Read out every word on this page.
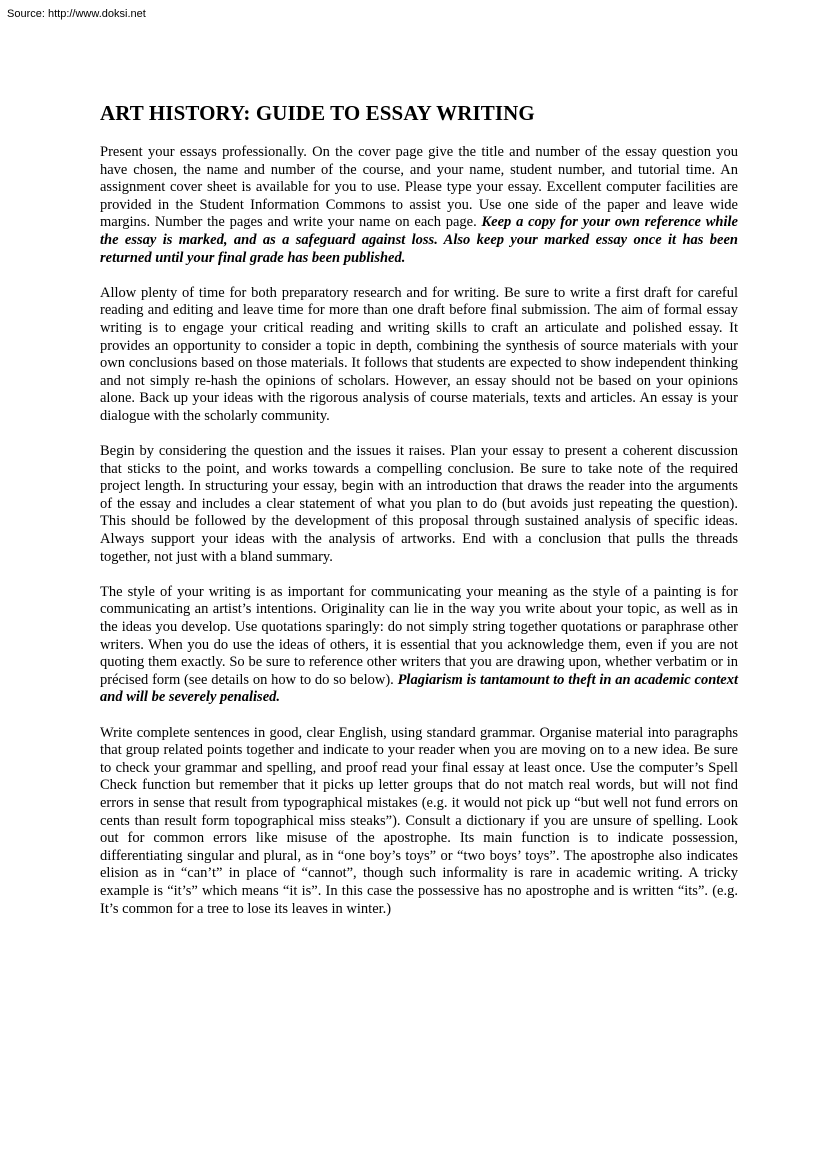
Source: http://www.doksi.net

ART HISTORY: GUIDE TO ESSAY WRITING

Present your essays professionally. On the cover page give the title and number of the essay question you have chosen, the name and number of the course, and your name, student number, and tutorial time. An assignment cover sheet is available for you to use. Please type your essay. Excellent computer facilities are provided in the Student Information Commons to assist you. Use one side of the paper and leave wide margins. Number the pages and write your name on each page. Keep a copy for your own reference while the essay is marked, and as a safeguard against loss. Also keep your marked essay once it has been returned until your final grade has been published.

Allow plenty of time for both preparatory research and for writing. Be sure to write a first draft for careful reading and editing and leave time for more than one draft before final submission. The aim of formal essay writing is to engage your critical reading and writing skills to craft an articulate and polished essay. It provides an opportunity to consider a topic in depth, combining the synthesis of source materials with your own conclusions based on those materials. It follows that students are expected to show independent thinking and not simply re-hash the opinions of scholars. However, an essay should not be based on your opinions alone. Back up your ideas with the rigorous analysis of course materials, texts and articles. An essay is your dialogue with the scholarly community.

Begin by considering the question and the issues it raises. Plan your essay to present a coherent discussion that sticks to the point, and works towards a compelling conclusion. Be sure to take note of the required project length. In structuring your essay, begin with an introduction that draws the reader into the arguments of the essay and includes a clear statement of what you plan to do (but avoids just repeating the question). This should be followed by the development of this proposal through sustained analysis of specific ideas. Always support your ideas with the analysis of artworks. End with a conclusion that pulls the threads together, not just with a bland summary.

The style of your writing is as important for communicating your meaning as the style of a painting is for communicating an artist’s intentions. Originality can lie in the way you write about your topic, as well as in the ideas you develop. Use quotations sparingly: do not simply string together quotations or paraphrase other writers. When you do use the ideas of others, it is essential that you acknowledge them, even if you are not quoting them exactly. So be sure to reference other writers that you are drawing upon, whether verbatim or in précised form (see details on how to do so below). Plagiarism is tantamount to theft in an academic context and will be severely penalised.

Write complete sentences in good, clear English, using standard grammar. Organise material into paragraphs that group related points together and indicate to your reader when you are moving on to a new idea. Be sure to check your grammar and spelling, and proof read your final essay at least once. Use the computer’s Spell Check function but remember that it picks up letter groups that do not match real words, but will not find errors in sense that result from typographical mistakes (e.g. it would not pick up “but well not fund errors on cents than result form topographical miss steaks”). Consult a dictionary if you are unsure of spelling. Look out for common errors like misuse of the apostrophe. Its main function is to indicate possession, differentiating singular and plural, as in “one boy’s toys” or “two boys’ toys”. The apostrophe also indicates elision as in “can’t” in place of “cannot”, though such informality is rare in academic writing. A tricky example is “it’s” which means “it is”. In this case the possessive has no apostrophe and is written “its”. (e.g. It’s common for a tree to lose its leaves in winter.)
